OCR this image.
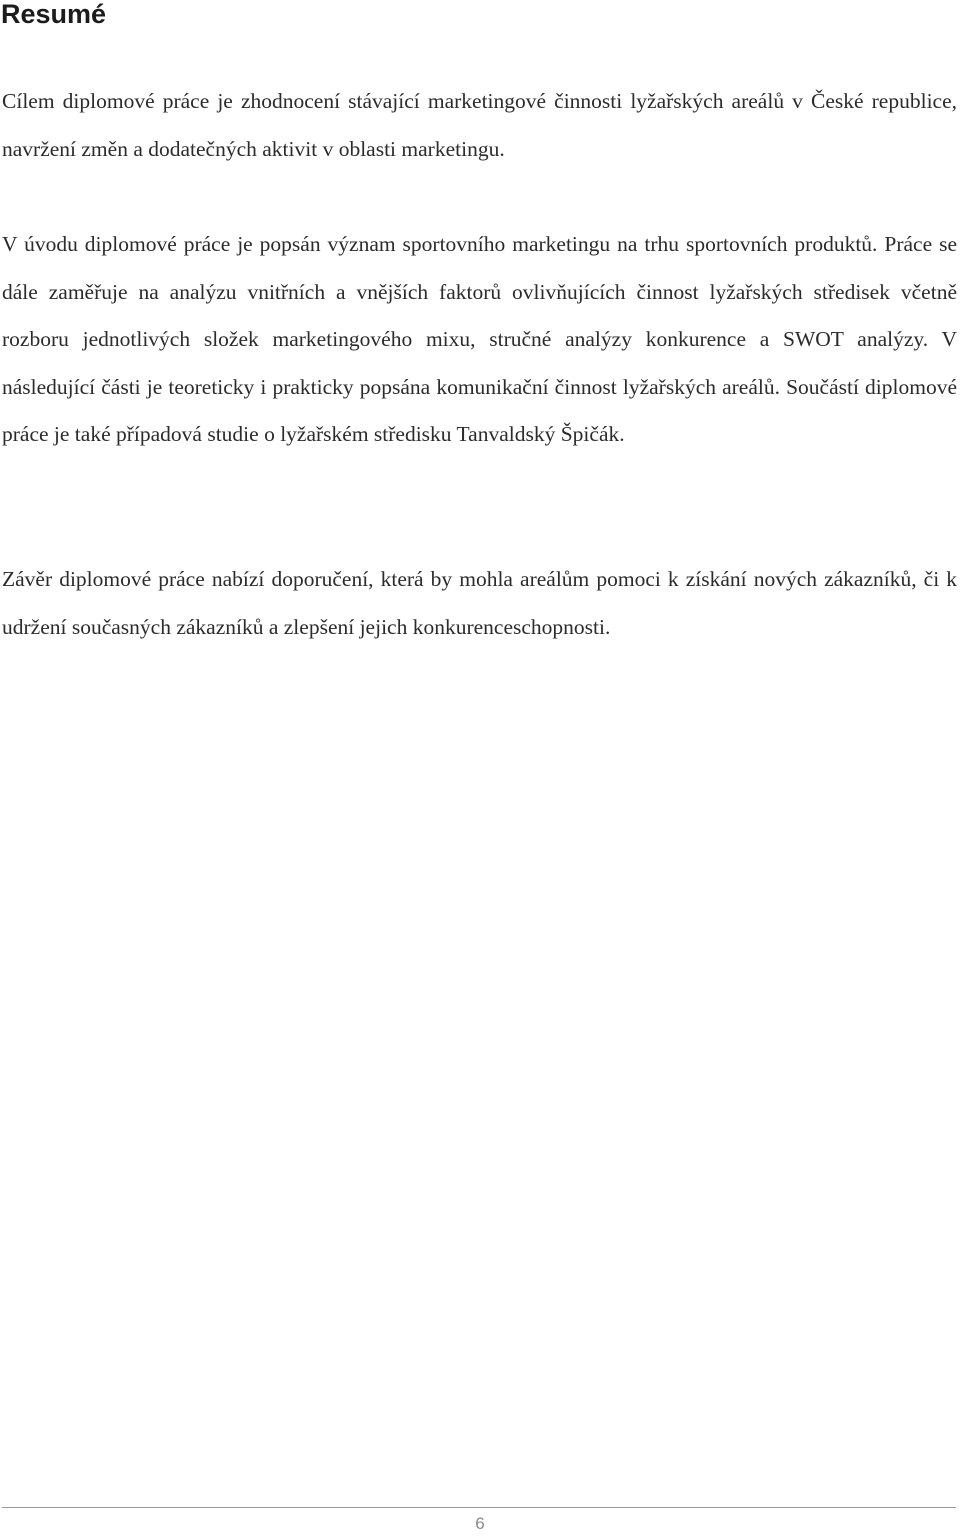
Resumé

Cílem diplomové práce je zhodnocení stávající marketingové činnosti lyžařských areálů v České republice, navržení změn a dodatečných aktivit v oblasti marketingu.

V úvodu diplomové práce je popsán význam sportovního marketingu na trhu sportovních produktů. Práce se dále zaměřuje na analýzu vnitřních a vnějších faktorů ovlivňujících činnost lyžařských středisek včetně rozboru jednotlivých složek marketingového mixu, stručné analýzy konkurence a SWOT analýzy. V následující části je teoreticky i prakticky popsána komunikační činnost lyžařských areálů. Součástí diplomové práce je také případová studie o lyžařském středisku Tanvaldský Špičák.

Závěr diplomové práce nabízí doporučení, která by mohla areálům pomoci k získání nových zákazníků, či k udržení současných zákazníků a zlepšení jejich konkurenceschopnosti.

6
